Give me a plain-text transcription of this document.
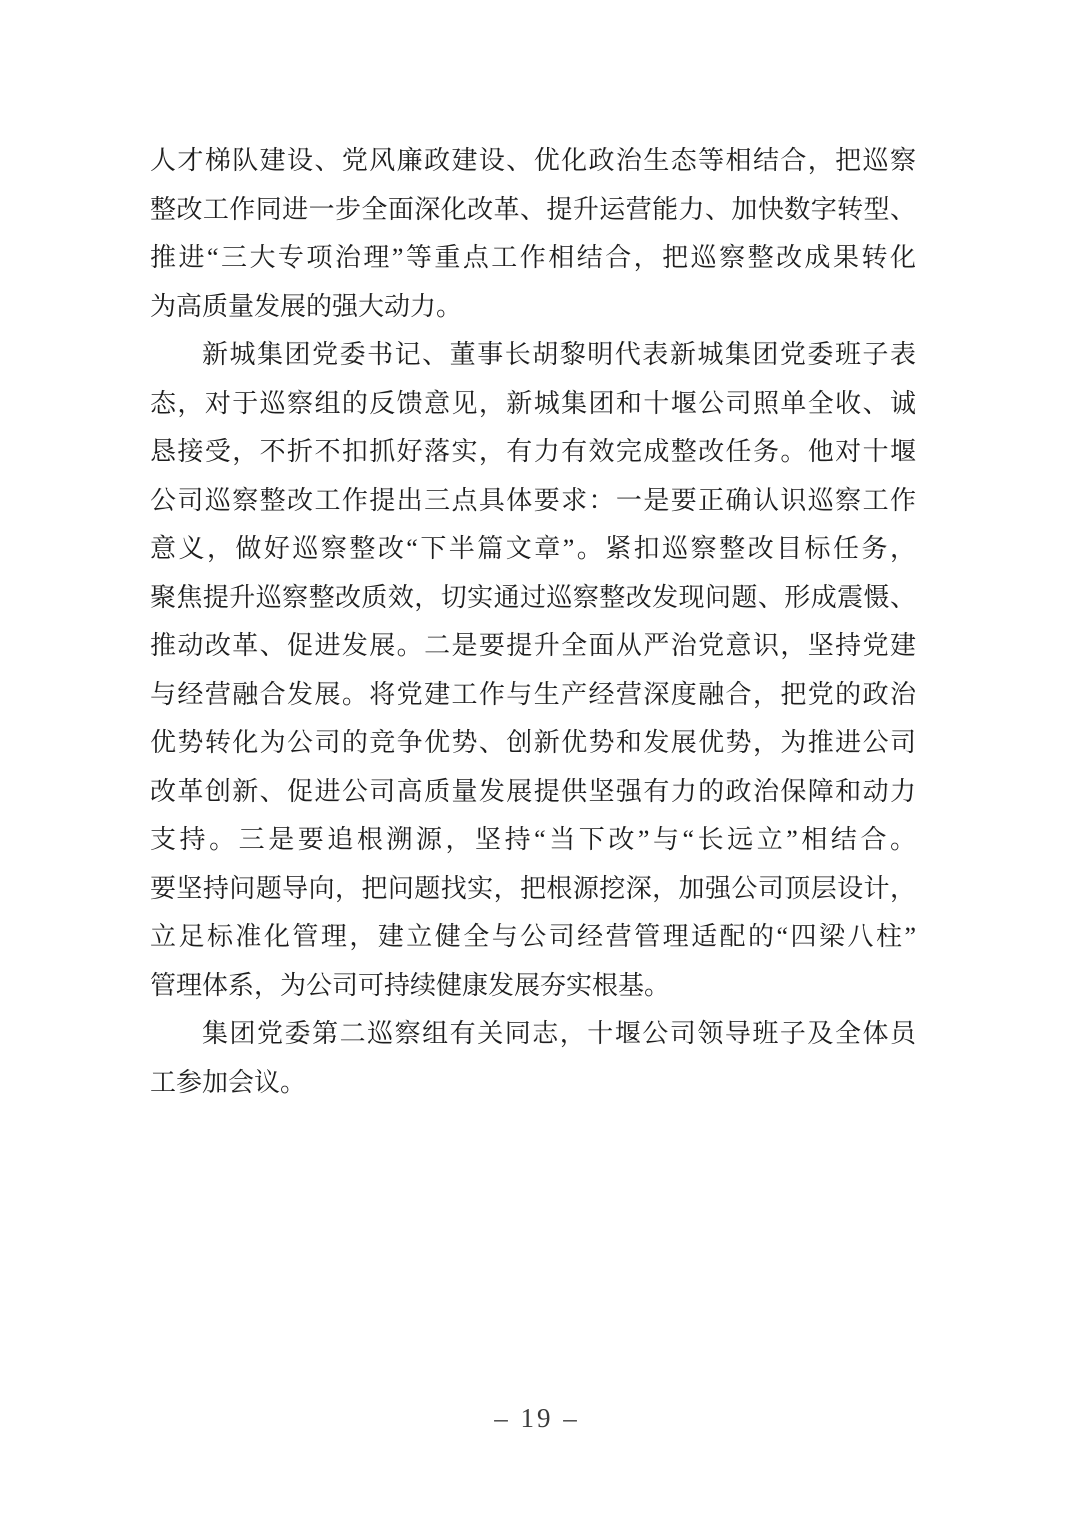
人才梯队建设、党风廉政建设、优化政治生态等相结合，把巡察
整改工作同进一步全面深化改革、提升运营能力、加快数字转型、
推进“三大专项治理”等重点工作相结合，把巡察整改成果转化
为高质量发展的强大动力。
新城集团党委书记、董事长胡黎明代表新城集团党委班子表
态，对于巡察组的反馈意见，新城集团和十堰公司照单全收、诚
恳接受，不折不扣抓好落实，有力有效完成整改任务。他对十堰
公司巡察整改工作提出三点具体要求：一是要正确认识巡察工作
意义，做好巡察整改“下半篇文章”。紧扣巡察整改目标任务，
聚焦提升巡察整改质效，切实通过巡察整改发现问题、形成震慑、
推动改革、促进发展。二是要提升全面从严治党意识，坚持党建
与经营融合发展。将党建工作与生产经营深度融合，把党的政治
优势转化为公司的竞争优势、创新优势和发展优势，为推进公司
改革创新、促进公司高质量发展提供坚强有力的政治保障和动力
支持。三是要追根溯源，坚持“当下改”与“长远立”相结合。
要坚持问题导向，把问题找实，把根源挖深，加强公司顶层设计，
立足标准化管理，建立健全与公司经营管理适配的“四梁八柱”
管理体系，为公司可持续健康发展夯实根基。
集团党委第二巡察组有关同志，十堰公司领导班子及全体员
工参加会议。
– 19 –
